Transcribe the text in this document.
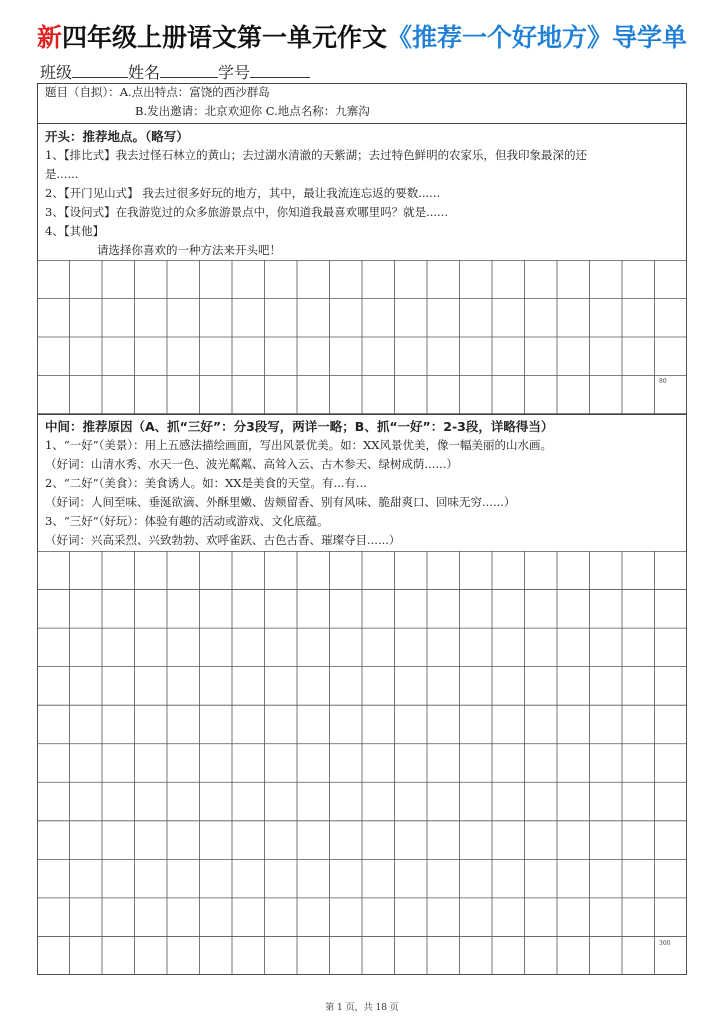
新四年级上册语文第一单元作文《推荐一个好地方》导学单
班级	姓名	学号

题目（自拟）：A.点出特点：富饶的西沙群岛

B.发出邀请：北京欢迎你 C.地点名称：九寨沟

开头：推荐地点。（略写）

1、【排比式】我去过怪石林立的黄山；去过湖水清澈的天紫湖；去过特色鲜明的农家乐，但我印象最深的还

是......

2、【开门见山式】 我去过很多好玩的地方，其中，最让我流连忘返的要数......

3、【设问式】在我游览过的众多旅游景点中，你知道我最喜欢哪里吗？就是......

4、【其他】

请选择你喜欢的一种方法来开头吧！

80

中间：推荐原因（A、抓“三好”：分3段写，两详一略；B、抓“一好”：2-3段，详略得当）

1、“一好”（美景）：用上五感法描绘画面，写出风景优美。如：XX风景优美，像一幅美丽的山水画。

（好词：山清水秀、水天一色、波光粼粼、高耸入云、古木参天、绿树成荫......）

2、“二好”（美食）：美食诱人。如：XX是美食的天堂。有...有...

（好词：人间至味、垂涎欲滴、外酥里嫩、齿颊留香、别有风味、脆甜爽口、回味无穷......）

3、“三好”（好玩）：体验有趣的活动或游戏、文化底蕴。

（好词：兴高采烈、兴致勃勃、欢呼雀跃、古色古香、璀璨夺目......）

300
第 1 页，共 18 页
